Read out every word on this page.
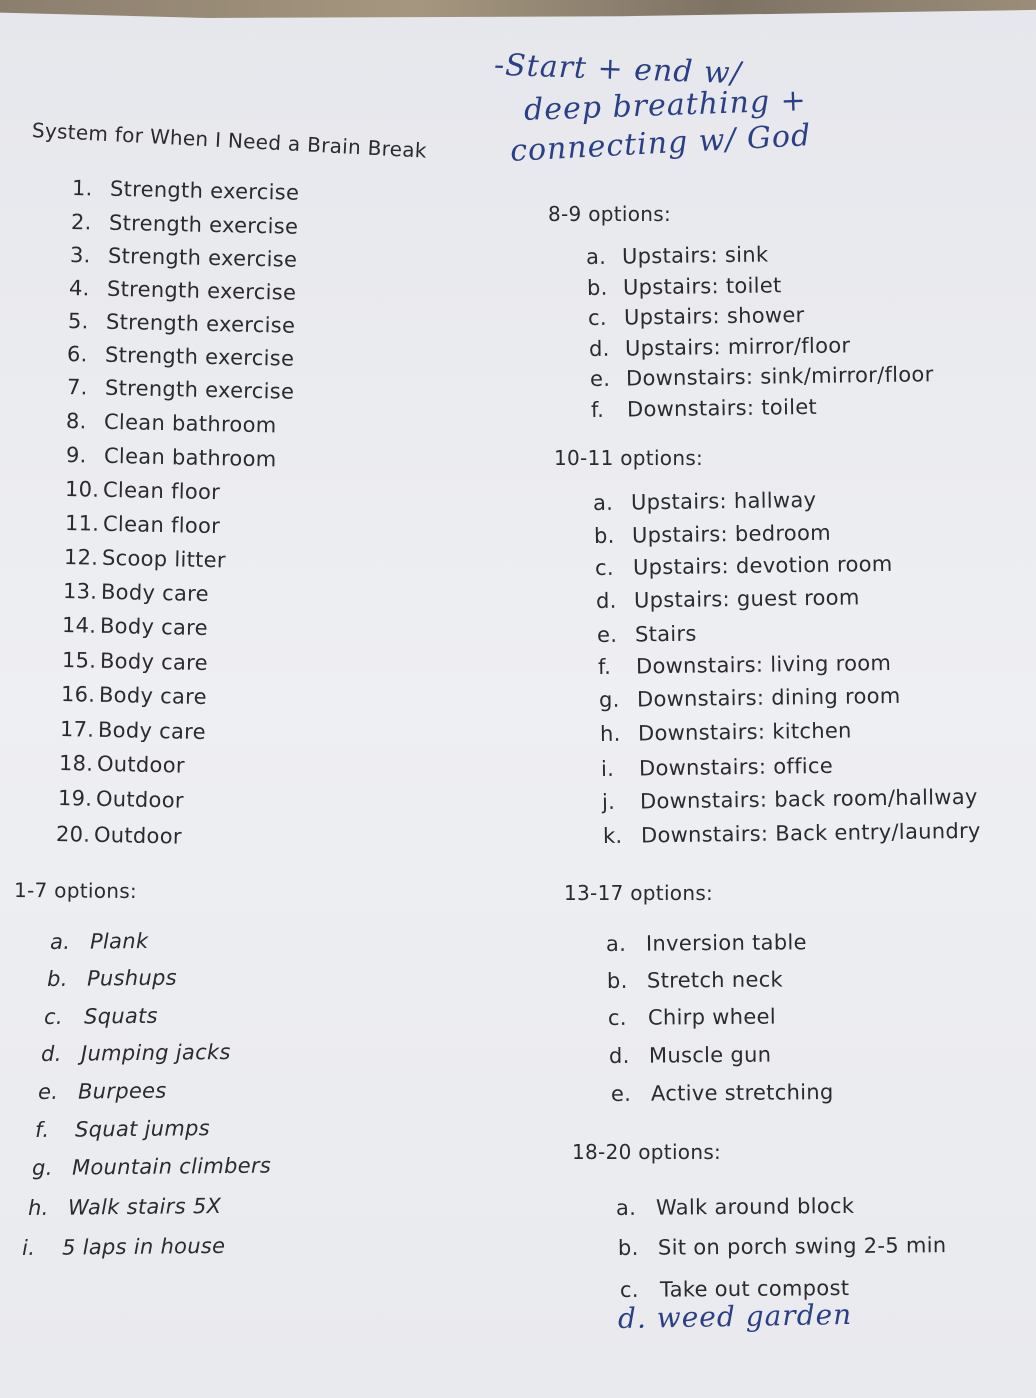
-Start + end w/
deep breathing +
connecting w/ God
System for When I Need a Brain Break
1. Strength exercise
2. Strength exercise
3. Strength exercise
4. Strength exercise
5. Strength exercise
6. Strength exercise
7. Strength exercise
8. Clean bathroom
9. Clean bathroom
10. Clean floor
11. Clean floor
12. Scoop litter
13. Body care
14. Body care
15. Body care
16. Body care
17. Body care
18. Outdoor
19. Outdoor
20. Outdoor
1-7 options:
a. Plank
b. Pushups
c. Squats
d. Jumping jacks
e. Burpees
f. Squat jumps
g. Mountain climbers
h. Walk stairs 5X
i. 5 laps in house
8-9 options:
a. Upstairs: sink
b. Upstairs: toilet
c. Upstairs: shower
d. Upstairs: mirror/floor
e. Downstairs: sink/mirror/floor
f. Downstairs: toilet
10-11 options:
a. Upstairs: hallway
b. Upstairs: bedroom
c. Upstairs: devotion room
d. Upstairs: guest room
e. Stairs
f. Downstairs: living room
g. Downstairs: dining room
h. Downstairs: kitchen
i. Downstairs: office
j. Downstairs: back room/hallway
k. Downstairs: Back entry/laundry
13-17 options:
a. Inversion table
b. Stretch neck
c. Chirp wheel
d. Muscle gun
e. Active stretching
18-20 options:
a. Walk around block
b. Sit on porch swing 2-5 min
c. Take out compost
d. weed garden
